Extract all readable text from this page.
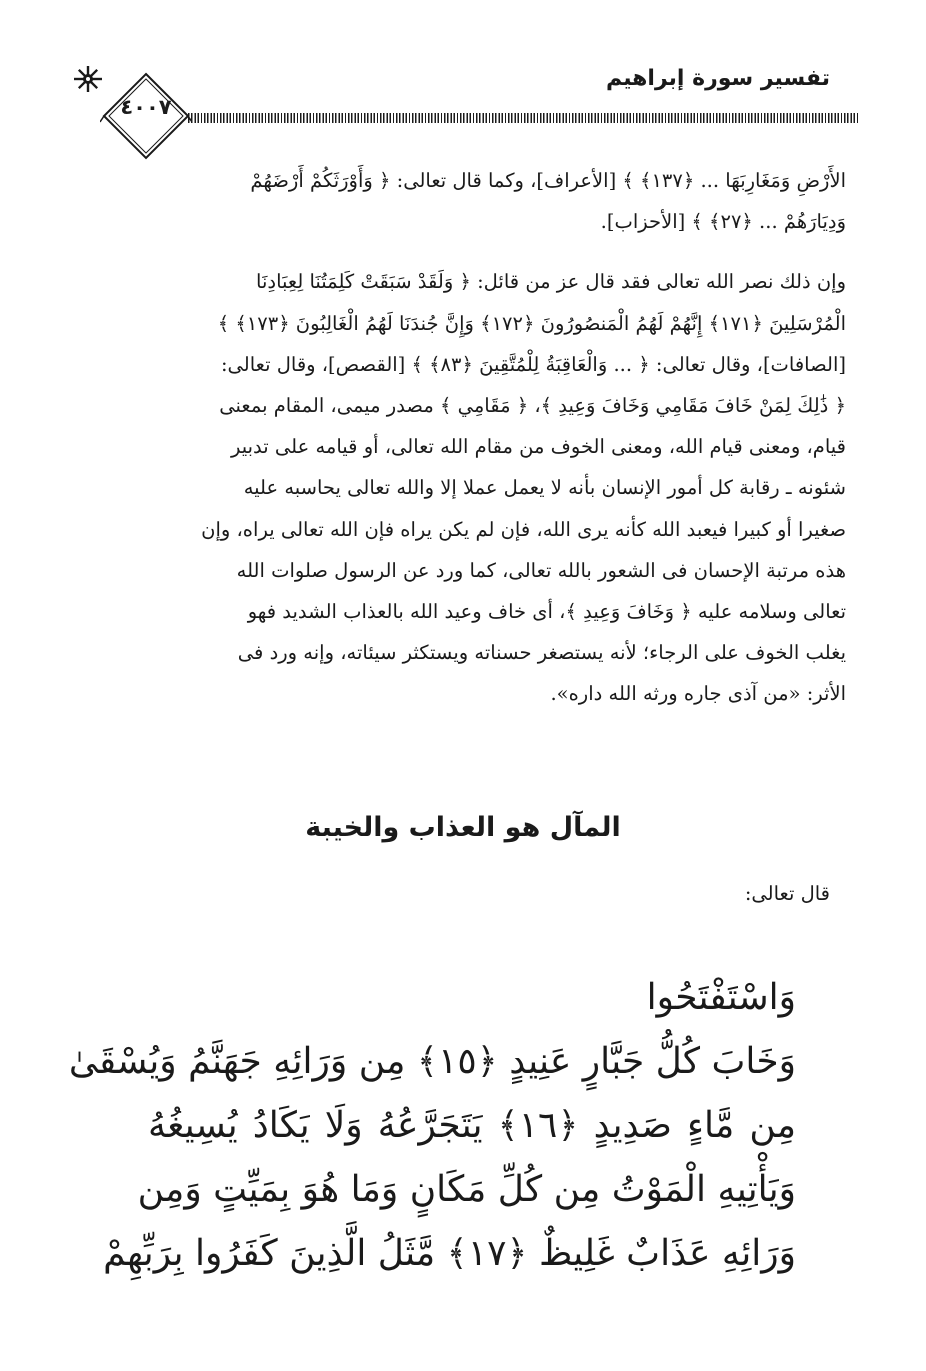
تفسير سورة إبراهيم
٤٠٠٧

الأَرْضِ وَمَغَارِبَهَا ... ﴿١٣٧﴾ ﴾ [الأعراف]، وكما قال تعالى: ﴿ وَأَوْرَثَكُمْ أَرْضَهُمْ

وَدِيَارَهُمْ ... ﴿٢٧﴾ ﴾ [الأحزاب].

وإن ذلك نصر الله تعالى فقد قال عز من قائل: ﴿ وَلَقَدْ سَبَقَتْ كَلِمَتُنَا لِعِبَادِنَا

الْمُرْسَلِينَ ﴿١٧١﴾ إِنَّهُمْ لَهُمُ الْمَنصُورُونَ ﴿١٧٢﴾ وَإِنَّ جُندَنَا لَهُمُ الْغَالِبُونَ ﴿١٧٣﴾ ﴾

[الصافات]، وقال تعالى: ﴿ ... وَالْعَاقِبَةُ لِلْمُتَّقِينَ ﴿٨٣﴾ ﴾ [القصص]، وقال تعالى:

﴿ ذَٰلِكَ لِمَنْ خَافَ مَقَامِي وَخَافَ وَعِيدِ ﴾، ﴿ مَقَامِي ﴾ مصدر ميمى، المقام بمعنى

قيام، ومعنى قيام الله، ومعنى الخوف من مقام الله تعالى، أو قيامه على تدبير

شئونه ـ رقابة كل أمور الإنسان بأنه لا يعمل عملا إلا والله تعالى يحاسبه عليه

صغيرا أو كبيرا فيعبد الله كأنه يرى الله، فإن لم يكن يراه فإن الله تعالى يراه، وإن

هذه مرتبة الإحسان فى الشعور بالله تعالى، كما ورد عن الرسول صلوات الله

تعالى وسلامه عليه ﴿ وَخَافَ وَعِيدِ ﴾، أى خاف وعيد الله بالعذاب الشديد فهو

يغلب الخوف على الرجاء؛ لأنه يستصغر حسناته ويستكثر سيئاته، وإنه ورد فى

الأثر: «من آذى جاره ورثه الله داره».

المآل هو العذاب والخيبة
قال تعالى:

وَاسْتَفْتَحُوا

وَخَابَ كُلُّ جَبَّارٍ عَنِيدٍ ﴿١٥﴾ مِن وَرَائِهِ جَهَنَّمُ وَيُسْقَىٰ

مِن مَّاءٍ صَدِيدٍ ﴿١٦﴾ يَتَجَرَّعُهُ وَلَا يَكَادُ يُسِيغُهُ

وَيَأْتِيهِ الْمَوْتُ مِن كُلِّ مَكَانٍ وَمَا هُوَ بِمَيِّتٍ وَمِن

وَرَائِهِ عَذَابٌ غَلِيظٌ ﴿١٧﴾ مَّثَلُ الَّذِينَ كَفَرُوا بِرَبِّهِمْ
